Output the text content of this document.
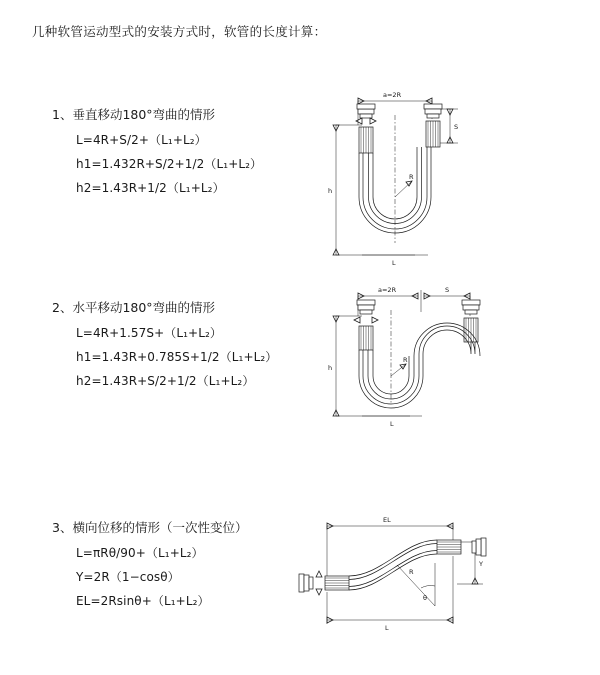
几种软管运动型式的安装方式时，软管的长度计算：
1、垂直移动180°弯曲的情形
L=4R+S/2+（L₁+L₂）
h1=1.432R+S/2+1/2（L₁+L₂）
h2=1.43R+1/2（L₁+L₂）
a=2R
S
h
R
L
2、水平移动180°弯曲的情形
L=4R+1.57S+（L₁+L₂）
h1=1.43R+0.785S+1/2（L₁+L₂）
h2=1.43R+S/2+1/2（L₁+L₂）
a=2R	S
h
R
L
3、横向位移的情形（一次性变位）
L=πRθ/90+（L₁+L₂）
Y=2R（1−cosθ）
EL=2Rsinθ+（L₁+L₂）
EL
Y
θ
R
L
